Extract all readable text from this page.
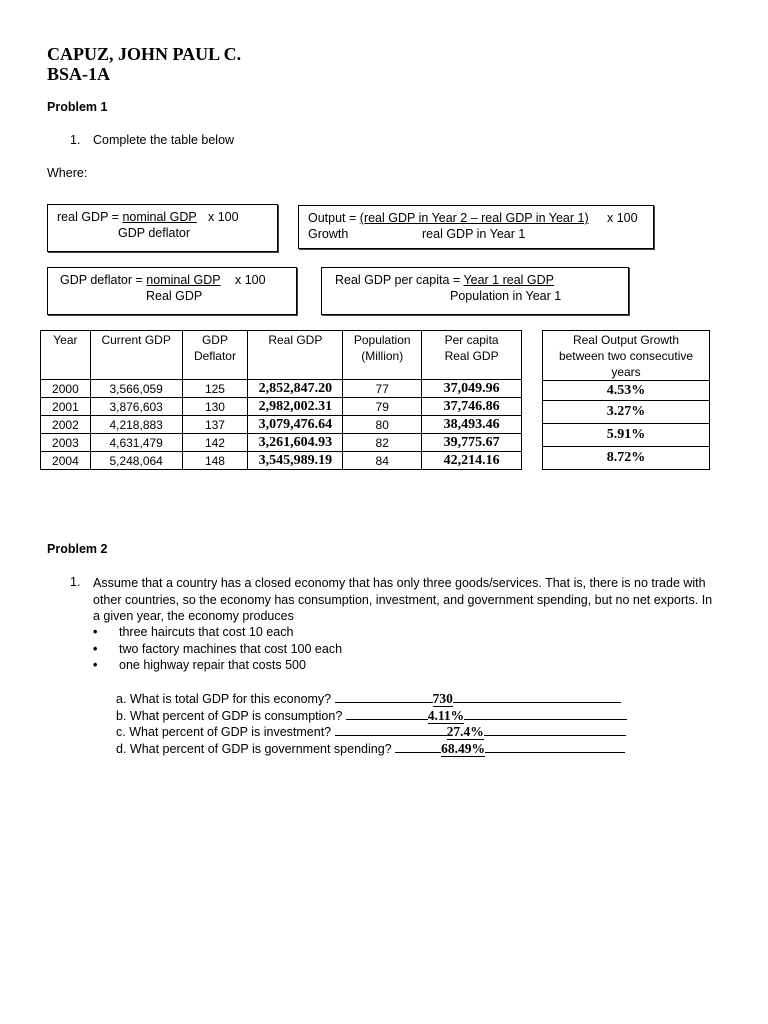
CAPUZ, JOHN PAUL C.
BSA-1A
Problem 1
1. Complete the table below
Where:
real GDP = nominal GDP x 100
GDP deflator
Output = (real GDP in Year 2 – real GDP in Year 1) x 100
Growth	real GDP in Year 1
GDP deflator = nominal GDP x 100
Real GDP
Real GDP per capita = Year 1 real GDP
Population in Year 1
Year	Current GDP	GDP Deflator	Real GDP	Population (Million)	Per capita Real GDP
2000	3,566,059	125	2,852,847.20	77	37,049.96
2001	3,876,603	130	2,982,002.31	79	37,746.86
2002	4,218,883	137	3,079,476.64	80	38,493.46
2003	4,631,479	142	3,261,604.93	82	39,775.67
2004	5,248,064	148	3,545,989.19	84	42,214.16
Real Output Growth between two consecutive years
4.53%
3.27%
5.91%
8.72%
Problem 2
1. Assume that a country has a closed economy that has only three goods/services. That is, there is no trade with other countries, so the economy has consumption, investment, and government spending, but no net exports. In a given year, the economy produces
• three haircuts that cost 10 each
• two factory machines that cost 100 each
• one highway repair that costs 500
a. What is total GDP for this economy?	730
b. What percent of GDP is consumption?	4.11%
c. What percent of GDP is investment?	27.4%
d. What percent of GDP is government spending?	68.49%
